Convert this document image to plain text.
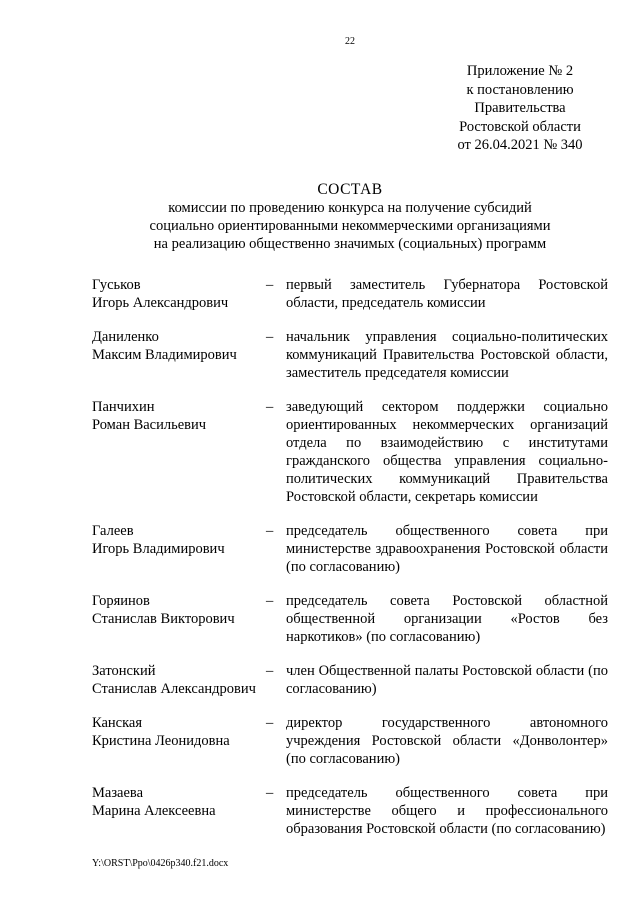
22
Приложение № 2
к постановлению
Правительства
Ростовской области
от 26.04.2021 № 340
СОСТАВ
комиссии по проведению конкурса на получение субсидий
социально ориентированными некоммерческими организациями
на реализацию общественно значимых (социальных) программ
Гуськов
Игорь Александрович
– первый заместитель Губернатора Ростовской области, председатель комиссии
Даниленко
Максим Владимирович
– начальник управления социально-политических коммуникаций Правительства Ростовской области, заместитель председателя комиссии
Панчихин
Роман Васильевич
– заведующий сектором поддержки социально ориентированных некоммерческих организаций отдела по взаимодействию с институтами гражданского общества управления социально-политических коммуникаций Правительства Ростовской области, секретарь комиссии
Галеев
Игорь Владимирович
– председатель общественного совета при министерстве здравоохранения Ростовской области (по согласованию)
Горяинов
Станислав Викторович
– председатель совета Ростовской областной общественной организации «Ростов без наркотиков» (по согласованию)
Затонский
Станислав Александрович
– член Общественной палаты Ростовской области (по согласованию)
Канская
Кристина Леонидовна
– директор государственного автономного учреждения Ростовской области «Донволонтер» (по согласованию)
Мазаева
Марина Алексеевна
– председатель общественного совета при министерстве общего и профессионального образования Ростовской области (по согласованию)
Y:\ORST\Ppo\0426p340.f21.docx
